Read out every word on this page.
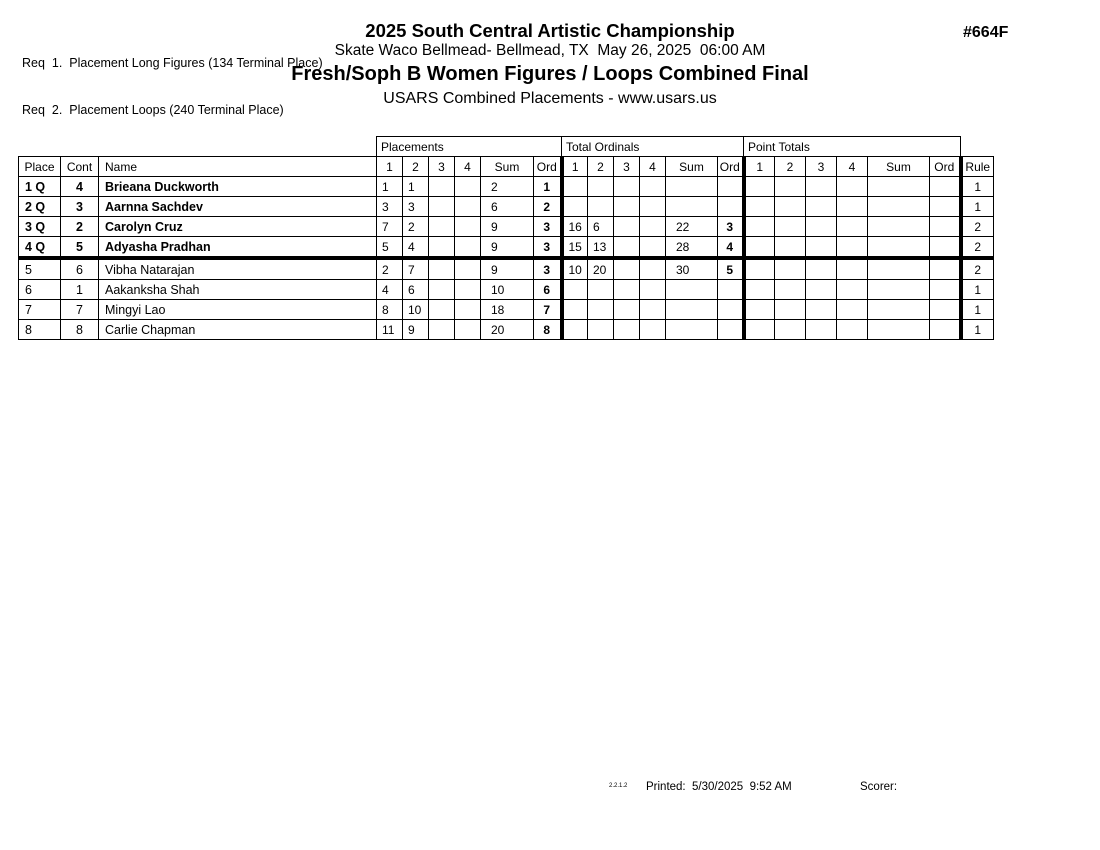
Req  1.  Placement Long Figures (134 Terminal Place)

Req  2.  Placement Loops (240 Terminal Place)

2025 South Central Artistic Championship
Skate Waco Bellmead- Bellmead, TX  May 26, 2025  06:00 AM
Fresh/Soph B Women Figures / Loops Combined Final
USARS Combined Placements - www.usars.us
#664F
			Placements						Total Ordinals						Point Totals						
Place	Cont	Name	1	2	3	4	Sum	Ord	1	2	3	4	Sum	Ord	1	2	3	4	Sum	Ord	Rule
1 Q	4	Brieana Duckworth	1	1			2	1													1
2 Q	3	Aarnna Sachdev	3	3			6	2													1
3 Q	2	Carolyn Cruz	7	2			9	3	16	6			22	3							2
4 Q	5	Adyasha Pradhan	5	4			9	3	15	13			28	4							2
5	6	Vibha Natarajan	2	7			9	3	10	20			30	5							2
6	1	Aakanksha Shah	4	6			10	6													1
7	7	Mingyi Lao	8	10			18	7													1
8	8	Carlie Chapman	11	9			20	8													1
2.2.1.2 Printed:  5/30/2025  9:52 AM	Scorer:
